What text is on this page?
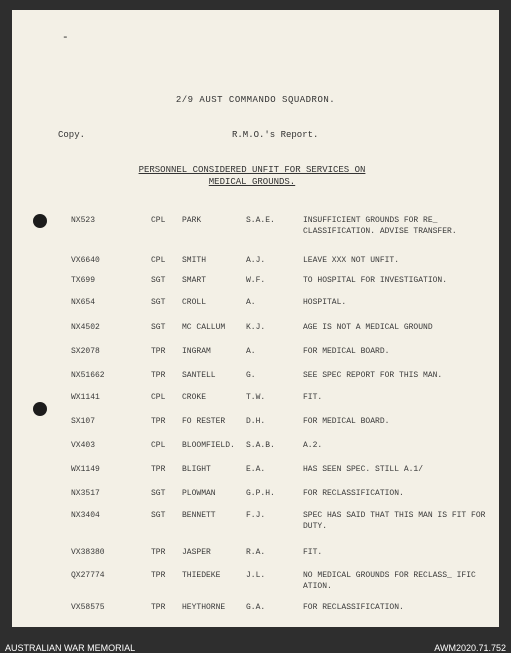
-
2/9 AUST COMMANDO SQUADRON.
Copy.	R.M.O.'s Report.
PERSONNEL CONSIDERED UNFIT FOR SERVICES ON MEDICAL GROUNDS.
NX523	CPL PARK	S.A.E.	INSUFFICIENT GROUNDS FOR RE_ CLASSIFICATION. ADVISE TRANSFER.
VX6640	CPL SMITH	A.J.	LEAVE XXX NOT UNFIT.
TX699	SGT SMART	W.F.	TO HOSPITAL FOR INVESTIGATION.
NX654	SGT CROLL	A.	HOSPITAL.
NX4502	SGT MC CALLUM	K.J.	AGE IS NOT A MEDICAL GROUND
SX2078	TPR INGRAM	A.	FOR MEDICAL BOARD.
NX51662	TPR SANTELL	G.	SEE SPEC REPORT FOR THIS MAN.
WX1141	CPL CROKE	T.W.	FIT.
SX107	TPR FO RESTER	D.H.	FOR MEDICAL BOARD.
VX403	CPL BLOOMFIELD. S.A.B.	A.2.
WX1149	TPR BLIGHT	E.A.	HAS SEEN SPEC. STILL A.1/
NX3517	SGT PLOWMAN	G.P.H.	FOR RECLASSIFICATION.
NX3404	SGT BENNETT	F.J.	SPEC HAS SAID THAT THIS MAN IS FIT FOR DUTY.
VX38380	TPR JASPER	R.A.	FIT.
QX27774	TPR THIEDEKE	J.L.	NO MEDICAL GROUNDS FOR RECLASS_ IFIC ATION.
VX58575	TPR HEYTHORNE	G.A.	FOR RECLASSIFICATION.
AUSTRALIAN WAR MEMORIAL	AWM2020.71.752
